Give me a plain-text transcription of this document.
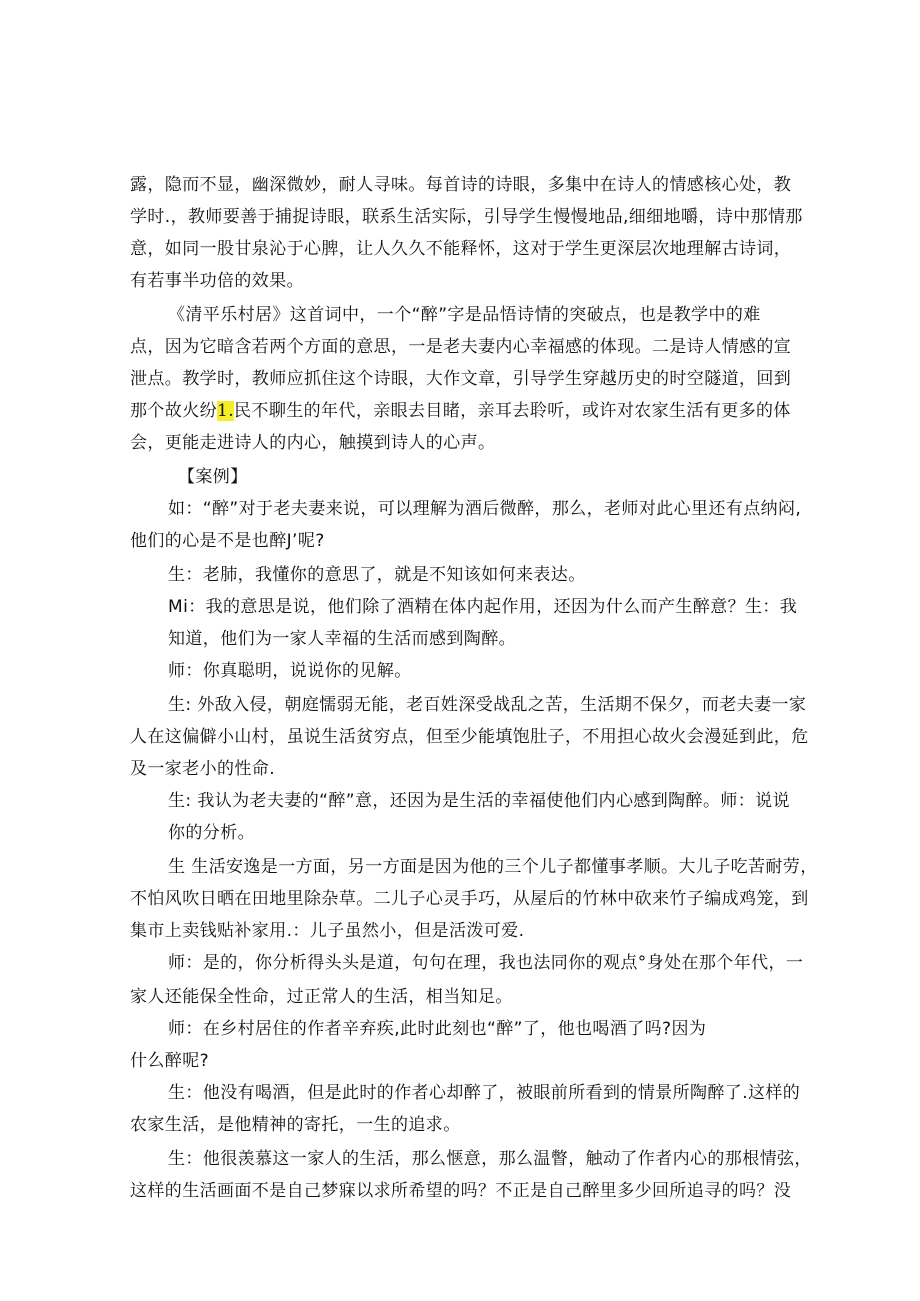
露，隐而不显，幽深微妙，耐人寻味。每首诗的诗眼，多集中在诗人的情感核心处，教
学时.，教师要善于捕捉诗眼，联系生活实际，引导学生慢慢地品,细细地嚼，诗中那情那
意，如同一股甘泉沁于心脾，让人久久不能释怀，这对于学生更深层次地理解古诗词，
有若事半功倍的效果。
《清平乐村居》这首词中，一个“醉”字是品悟诗情的突破点，也是教学中的难
点，因为它暗含若两个方面的意思，一是老夫妻内心幸福感的体现。二是诗人情感的宣
泄点。教学时，教师应抓住这个诗眼，大作文章，引导学生穿越历史的时空隧道，回到
那个故火纷1.民不聊生的年代，亲眼去目睹，亲耳去聆听，或许对农家生活有更多的体
会，更能走进诗人的内心，触摸到诗人的心声。
【案例】
如：“醉”对于老夫妻来说，可以理解为酒后微醉，那么，老师对此心里还有点纳闷,
他们的心是不是也醉J’呢?
生：老肺，我懂你的意思了，就是不知该如何来表达。
Mi：我的意思是说，他们除了酒精在体内起作用，还因为什么而产生醉意？生：我
知道，他们为一家人幸福的生活而感到陶醉。
师：你真聪明，说说你的见解。
生: 外敌入侵，朝庭懦弱无能，老百姓深受战乱之苦，生活期不保夕，而老夫妻一家
人在这偏僻小山村，虽说生活贫穷点，但至少能填饱肚子，不用担心故火会漫延到此，危
及一家老小的性命.
生: 我认为老夫妻的“醉”意，还因为是生活的幸福使他们内心感到陶醉。师：说说
你的分析。
生 生活安逸是一方面，另一方面是因为他的三个儿子都懂事孝顺。大儿子吃苦耐劳，
不怕风吹日晒在田地里除杂草。二儿子心灵手巧，从屋后的竹林中砍来竹子编成鸡笼，到
集市上卖钱贴补家用.：儿子虽然小，但是活泼可爱.
师：是的，你分析得头头是道，句句在理，我也法同你的观点°身处在那个年代，一
家人还能保全性命，过正常人的生活，相当知足。
师：在乡村居住的作者辛弃疾,此时此刻也“醉”了，他也喝酒了吗?因为
什么醉呢?
生：他没有喝酒，但是此时的作者心却醉了，被眼前所看到的情景所陶醉了.这样的
农家生活，是他精神的寄托，一生的追求。
生：他很羡慕这一家人的生活，那么惬意，那么温瞥，触动了作者内心的那根情弦，
这样的生活画面不是自己梦寐以求所希望的吗？不正是自己醉里多少回所追寻的吗？没
